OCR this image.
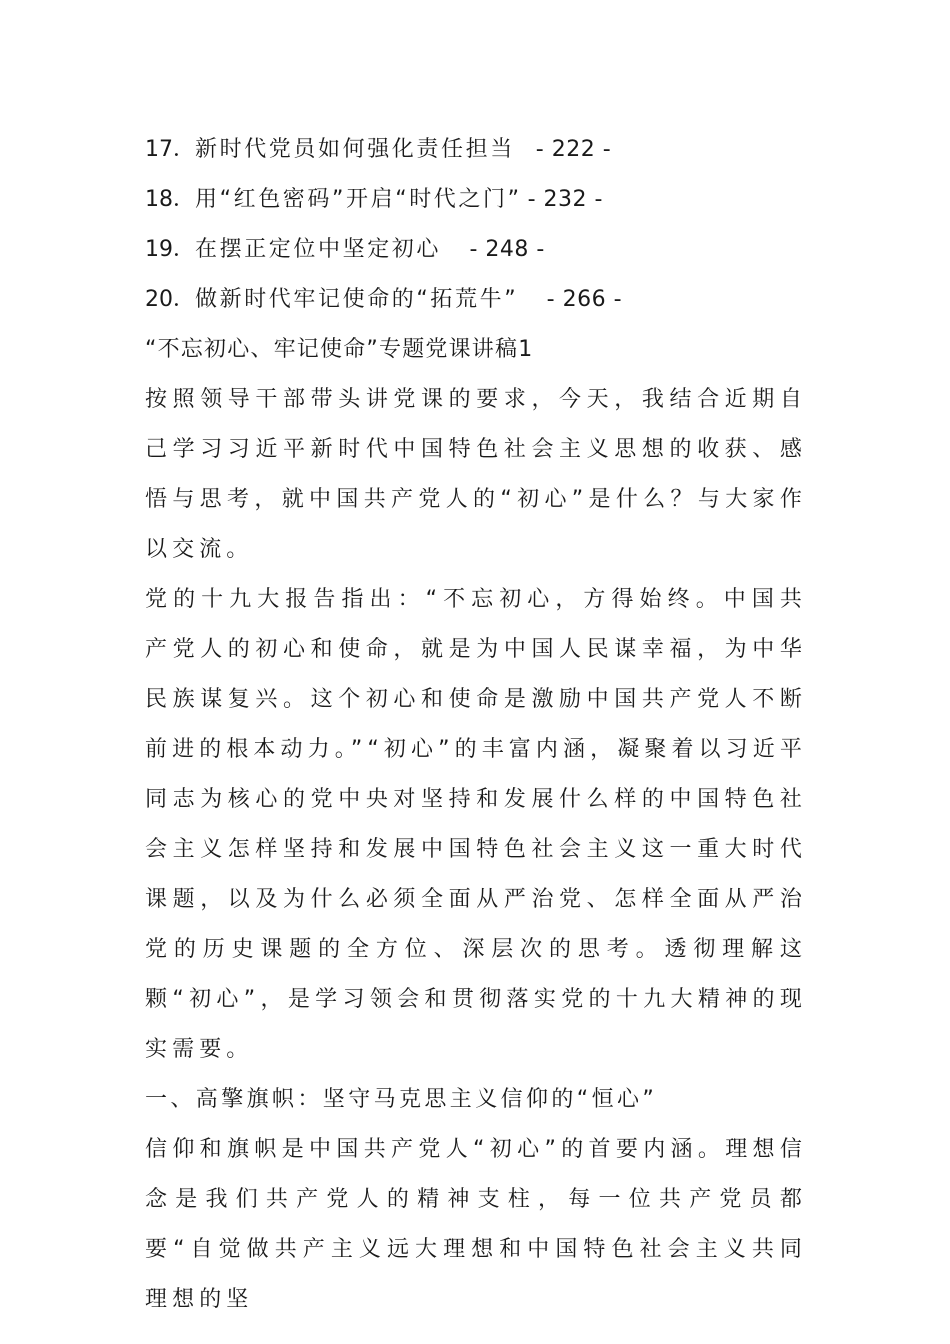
17．新时代党员如何强化责任担当  - 222 -
18．用“红色密码”开启“时代之门” - 232 -
19．在摆正定位中坚定初心   - 248 -
20．做新时代牢记使命的“拓荒牛”   - 266 -
“不忘初心、牢记使命”专题党课讲稿1

按照领导干部带头讲党课的要求，今天，我结合近期自己学习习近平新时代中国特色社会主义思想的收获、感悟与思考，就中国共产党人的“初心”是什么？与大家作以交流。

党的十九大报告指出：“不忘初心，方得始终。中国共产党人的初心和使命，就是为中国人民谋幸福，为中华民族谋复兴。这个初心和使命是激励中国共产党人不断前进的根本动力。”“初心”的丰富内涵，凝聚着以习近平同志为核心的党中央对坚持和发展什么样的中国特色社会主义怎样坚持和发展中国特色社会主义这一重大时代课题，以及为什么必须全面从严治党、怎样全面从严治党的历史课题的全方位、深层次的思考。透彻理解这颗“初心”，是学习领会和贯彻落实党的十九大精神的现实需要。

一、高擎旗帜：坚守马克思主义信仰的“恒心”

信仰和旗帜是中国共产党人“初心”的首要内涵。理想信念是我们共产党人的精神支柱，每一位共产党员都要“自觉做共产主义远大理想和中国特色社会主义共同理想的坚
